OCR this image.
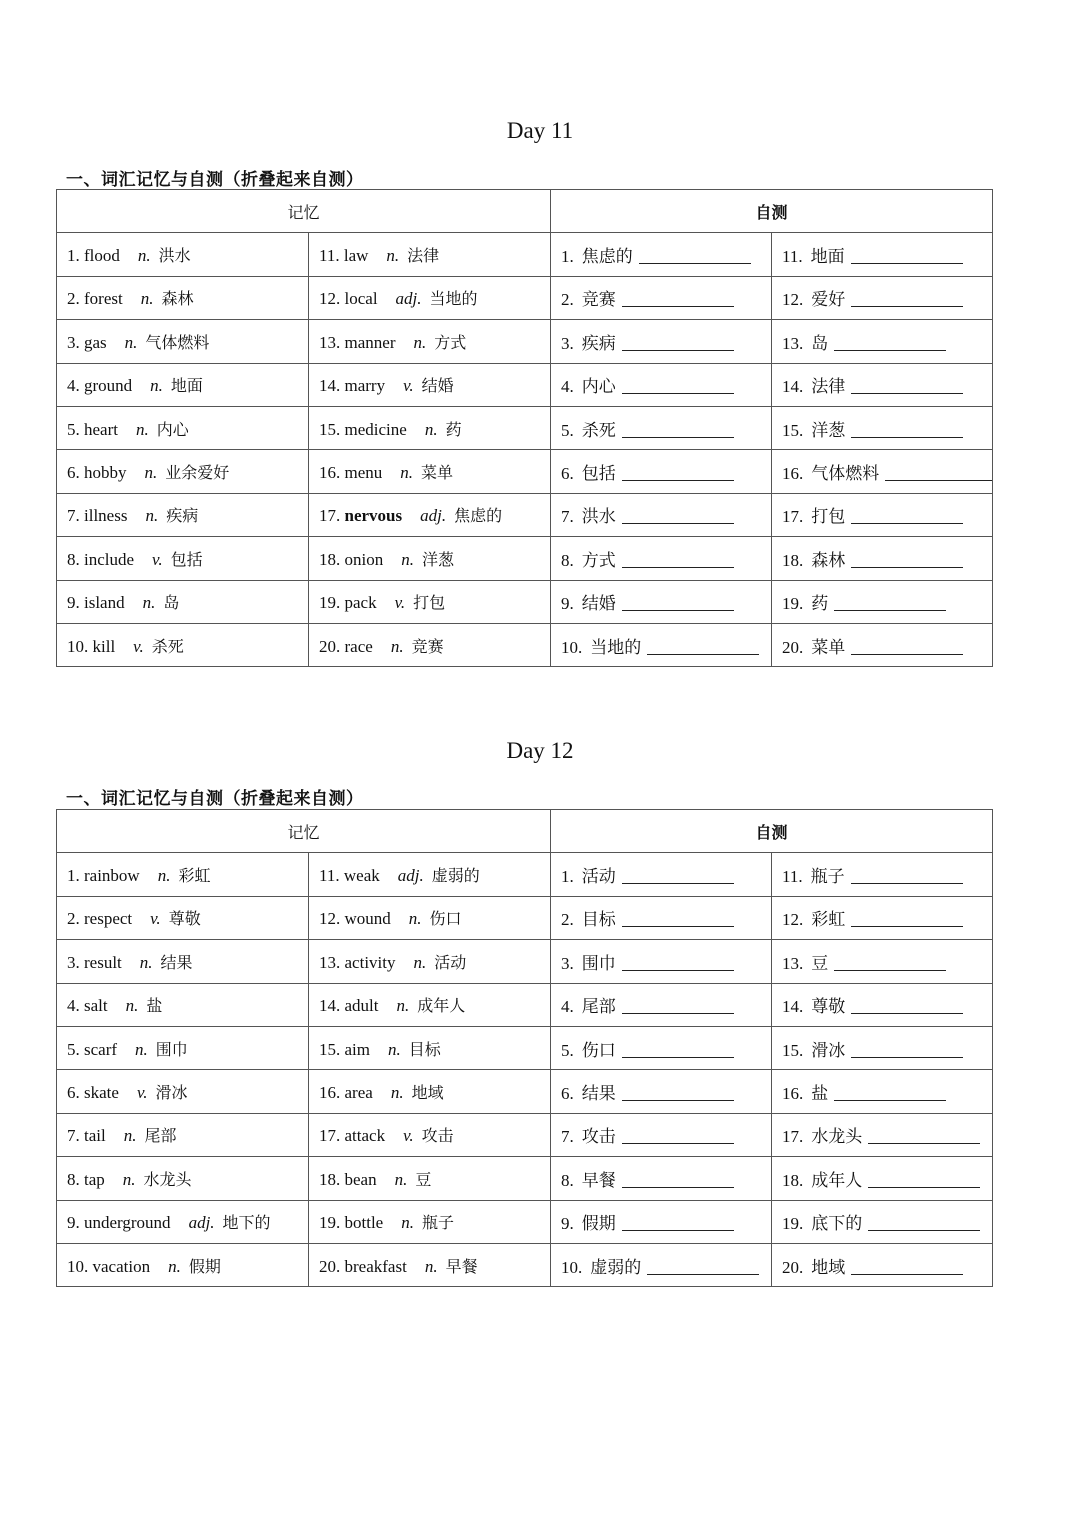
Day 11
一、词汇记忆与自测（折叠起来自测）
记忆		自测	
1. flood n. 洪水	11. law n. 法律	1. 焦虑的	11. 地面
2. forest n. 森林	12. local adj. 当地的	2. 竞赛	12. 爱好
3. gas n. 气体燃料	13. manner n. 方式	3. 疾病	13. 岛
4. ground n. 地面	14. marry v. 结婚	4. 内心	14. 法律
5. heart n. 内心	15. medicine n. 药	5. 杀死	15. 洋葱
6. hobby n. 业余爱好	16. menu n. 菜单	6. 包括	16. 气体燃料
7. illness n. 疾病	17. nervous adj. 焦虑的	7. 洪水	17. 打包
8. include v. 包括	18. onion n. 洋葱	8. 方式	18. 森林
9. island n. 岛	19. pack v. 打包	9. 结婚	19. 药
10. kill v. 杀死	20. race n. 竞赛	10. 当地的	20. 菜单
Day 12
一、词汇记忆与自测（折叠起来自测）
记忆		自测	
1. rainbow n. 彩虹	11. weak adj. 虚弱的	1. 活动	11. 瓶子
2. respect v. 尊敬	12. wound n. 伤口	2. 目标	12. 彩虹
3. result n. 结果	13. activity n. 活动	3. 围巾	13. 豆
4. salt n. 盐	14. adult n. 成年人	4. 尾部	14. 尊敬
5. scarf n. 围巾	15. aim n. 目标	5. 伤口	15. 滑冰
6. skate v. 滑冰	16. area n. 地域	6. 结果	16. 盐
7. tail n. 尾部	17. attack v. 攻击	7. 攻击	17. 水龙头
8. tap n. 水龙头	18. bean n. 豆	8. 早餐	18. 成年人
9. underground adj. 地下的	19. bottle n. 瓶子	9. 假期	19. 底下的
10. vacation n. 假期	20. breakfast n. 早餐	10. 虚弱的	20. 地域
